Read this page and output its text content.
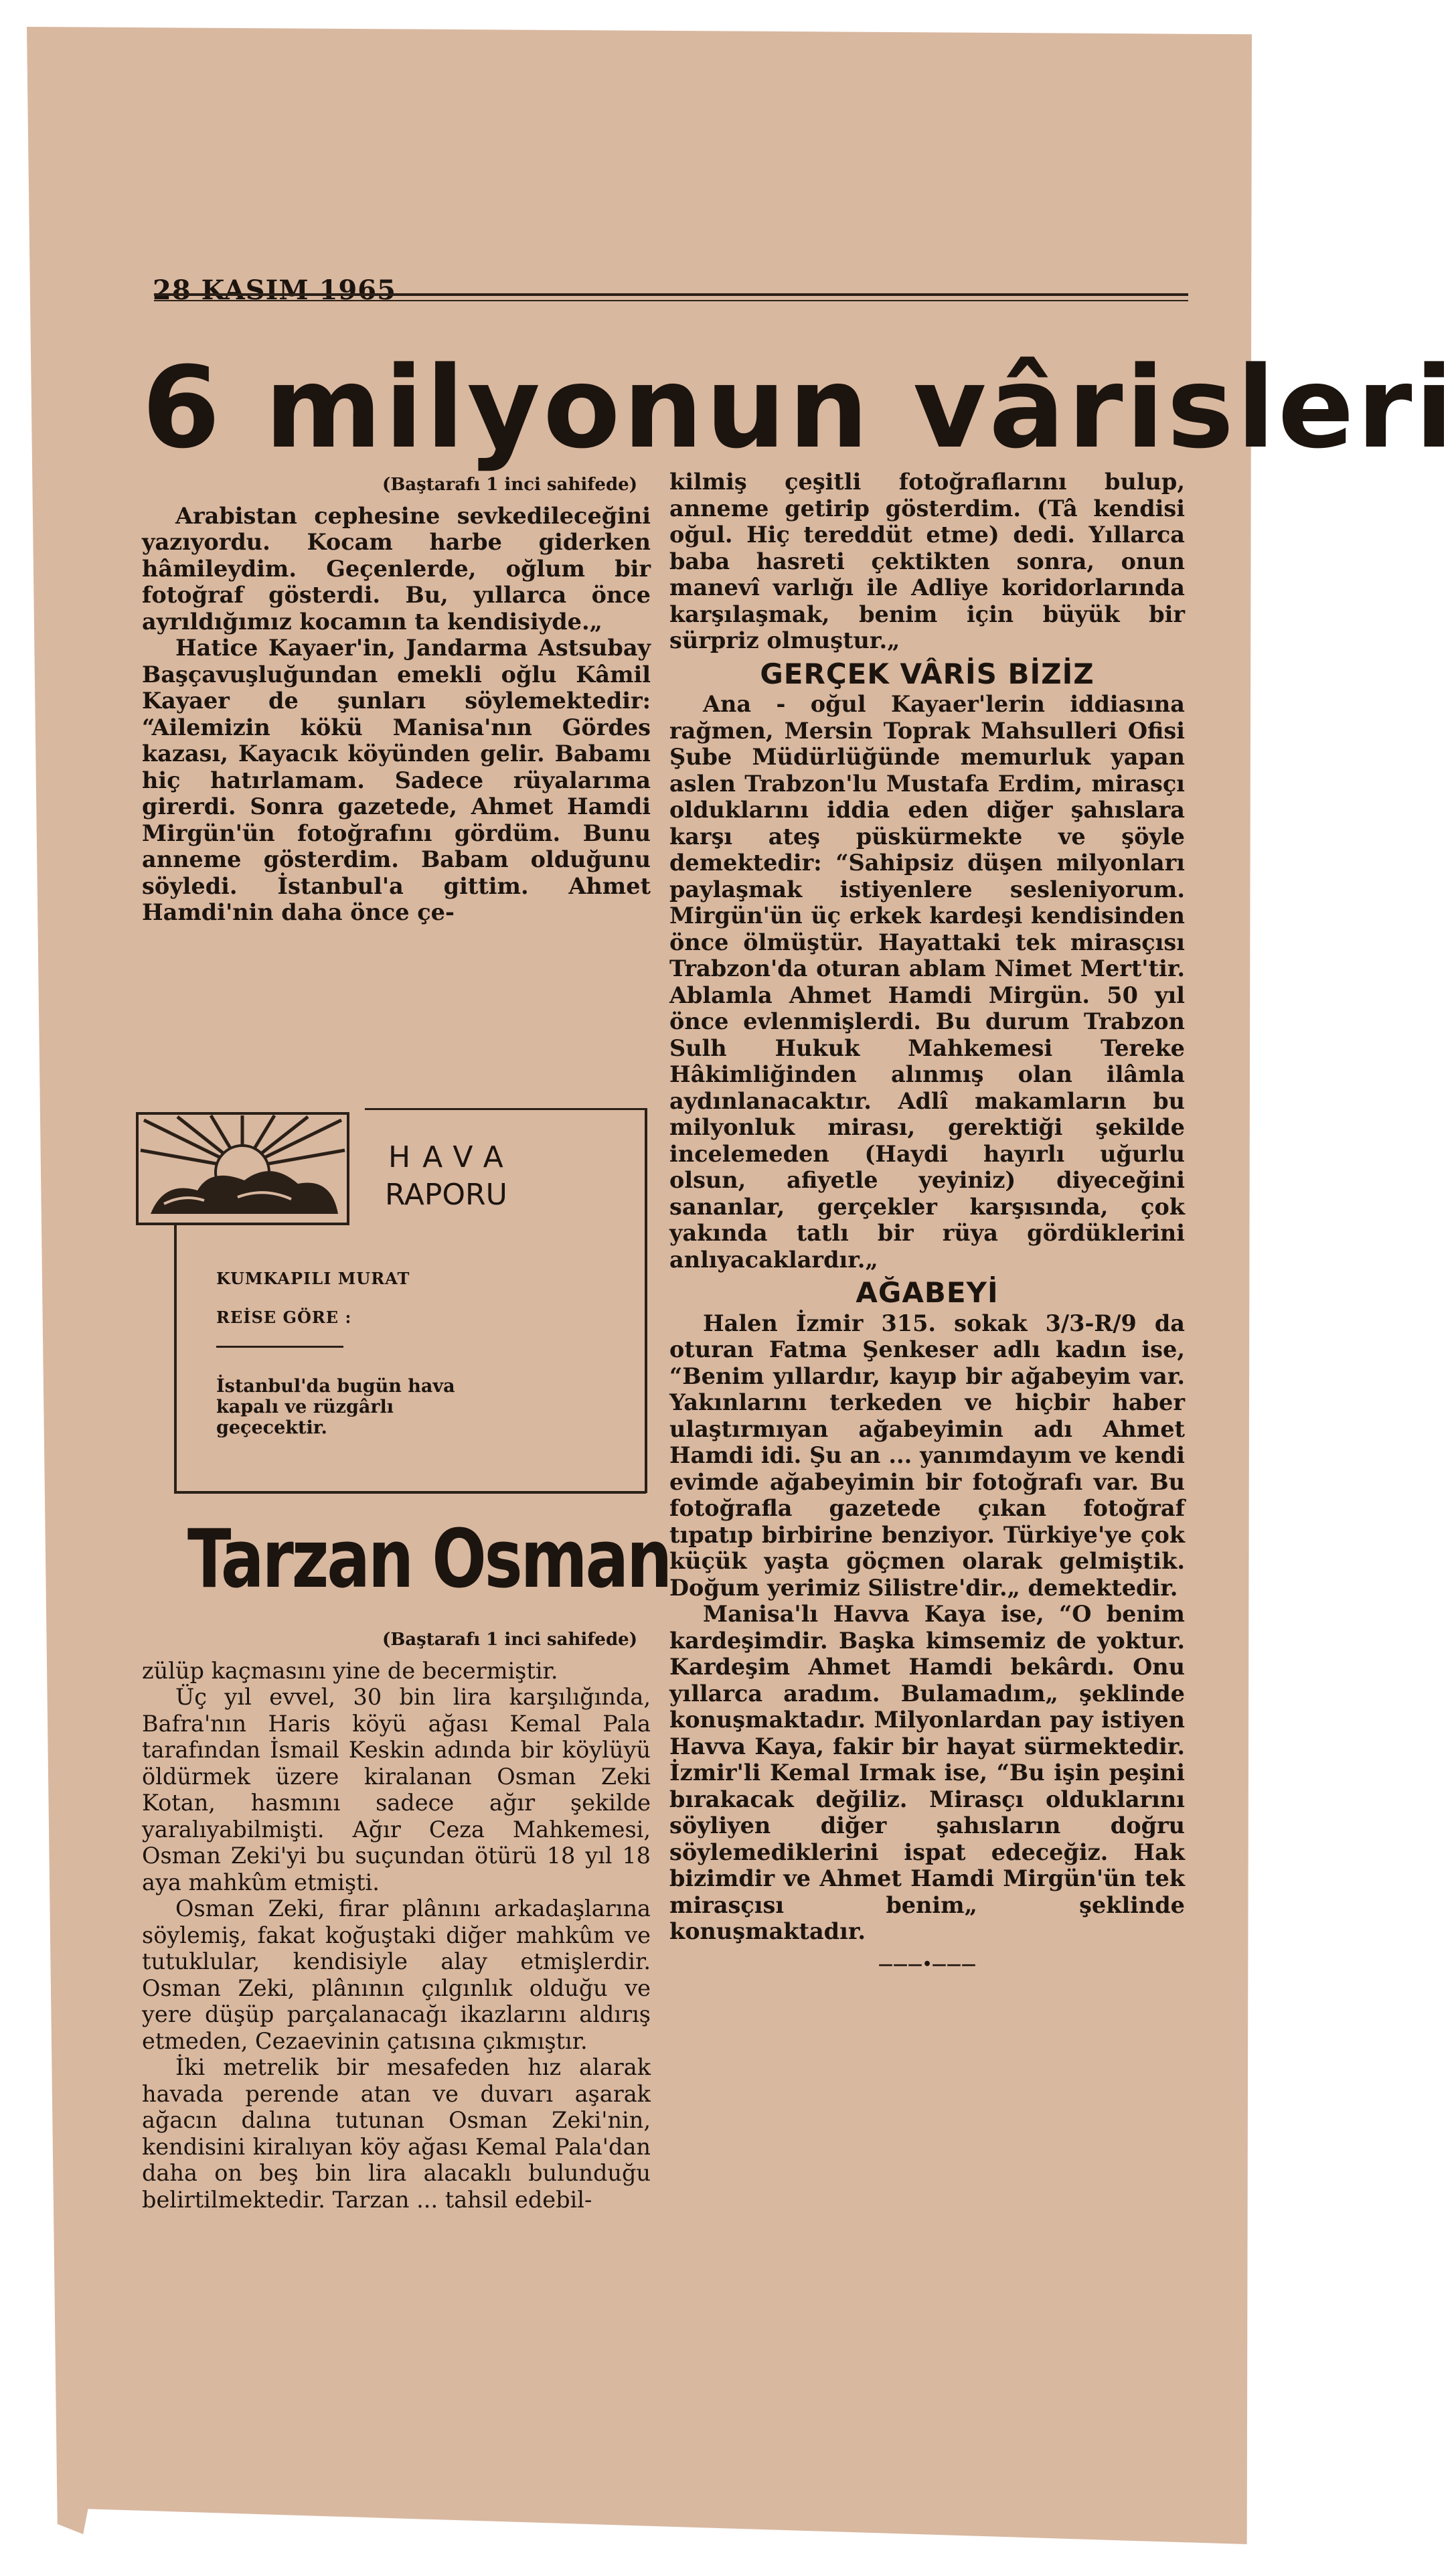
28 KASIM 1965
6 milyonun vârisleri
(Baştarafı 1 inci sahifede)

Arabistan cephesine sevkedileceğini yazıyordu. Kocam harbe giderken hâmileydim. Geçenlerde, oğlum bir fotoğraf gösterdi. Bu, yıllarca önce ayrıldığımız kocamın ta kendisiyde.„

Hatice Kayaer'in, Jandarma Astsubay Başçavuşluğundan emekli oğlu Kâmil Kayaer de şunları söylemektedir: “Ailemizin kökü Manisa'nın Gördes kazası, Kayacık köyünden gelir. Babamı hiç hatırlamam. Sadece rüyalarıma girerdi. Sonra gazetede, Ahmet Hamdi Mirgün'ün fotoğrafını gördüm. Bunu anneme gösterdim. Babam olduğunu söyledi. İstanbul'a gittim. Ahmet Hamdi'nin daha önce çe-

HAVA
RAPORU
KUMKAPILI MURAT
REİSE GÖRE :
İstanbul'da bugün hava kapalı ve rüzgârlı geçecektir.
Tarzan Osman
(Baştarafı 1 inci sahifede)

zülüp kaçmasını yine de becermiştir.

Üç yıl evvel, 30 bin lira karşılığında, Bafra'nın Haris köyü ağası Kemal Pala tarafından İsmail Keskin adında bir köylüyü öldürmek üzere kiralanan Osman Zeki Kotan, hasmını sadece ağır şekilde yaralıyabilmişti. Ağır Ceza Mahkemesi, Osman Zeki'yi bu suçundan ötürü 18 yıl 18 aya mahkûm etmişti.

Osman Zeki, firar plânını arkadaşlarına söylemiş, fakat koğuştaki diğer mahkûm ve tutuklular, kendisiyle alay etmişlerdir. Osman Zeki, plânının çılgınlık olduğu ve yere düşüp parçalanacağı ikazlarını aldırış etmeden, Cezaevinin çatısına çıkmıştır.

İki metrelik bir mesafeden hız alarak havada perende atan ve duvarı aşarak ağacın dalına tutunan Osman Zeki'nin, kendisini kiralıyan köy ağası Kemal Pala'dan daha on beş bin lira alacaklı bulunduğu belirtilmektedir. Tarzan ... tahsil edebil-

kilmiş çeşitli fotoğraflarını bulup, anneme getirip gösterdim. (Tâ kendisi oğul. Hiç tereddüt etme) dedi. Yıllarca baba hasreti çektikten sonra, onun manevî varlığı ile Adliye koridorlarında karşılaşmak, benim için büyük bir sürpriz olmuştur.„

GERÇEK VÂRİS BİZİZ

Ana - oğul Kayaer'lerin iddiasına rağmen, Mersin Toprak Mahsulleri Ofisi Şube Müdürlüğünde memurluk yapan aslen Trabzon'lu Mustafa Erdim, mirasçı olduklarını iddia eden diğer şahıslara karşı ateş püskürmekte ve şöyle demektedir: “Sahipsiz düşen milyonları paylaşmak istiyenlere sesleniyorum. Mirgün'ün üç erkek kardeşi kendisinden önce ölmüştür. Hayattaki tek mirasçısı Trabzon'da oturan ablam Nimet Mert'tir. Ablamla Ahmet Hamdi Mirgün. 50 yıl önce evlenmişlerdi. Bu durum Trabzon Sulh Hukuk Mahkemesi Tereke Hâkimliğinden alınmış olan ilâmla aydınlanacaktır. Adlî makamların bu milyonluk mirası, gerektiği şekilde incelemeden (Haydi hayırlı uğurlu olsun, afiyetle yeyiniz) diyeceğini sananlar, gerçekler karşısında, çok yakında tatlı bir rüya gördüklerini anlıyacaklardır.„

AĞABEYİ

Halen İzmir 315. sokak 3/3-R/9 da oturan Fatma Şenkeser adlı kadın ise, “Benim yıllardır, kayıp bir ağabeyim var. Yakınlarını terkeden ve hiçbir haber ulaştırmıyan ağabeyimin adı Ahmet Hamdi idi. Şu an ... yanımdayım ve kendi evimde ağabeyimin bir fotoğrafı var. Bu fotoğrafla gazetede çıkan fotoğraf tıpatıp birbirine benziyor. Türkiye'ye çok küçük yaşta göçmen olarak gelmiştik. Doğum yerimiz Silistre'dir.„ demektedir.

Manisa'lı Havva Kaya ise, “O benim kardeşimdir. Başka kimsemiz de yoktur. Kardeşim Ahmet Hamdi bekârdı. Onu yıllarca aradım. Bulamadım„ şeklinde konuşmaktadır. Milyonlardan pay istiyen Havva Kaya, fakir bir hayat sürmektedir. İzmir'li Kemal Irmak ise, “Bu işin peşini bırakacak değiliz. Mirasçı olduklarını söyliyen diğer şahısların doğru söylemediklerini ispat edeceğiz. Hak bizimdir ve Ahmet Hamdi Mirgün'ün tek mirasçısı benim„ şeklinde konuşmaktadır.

———•———
